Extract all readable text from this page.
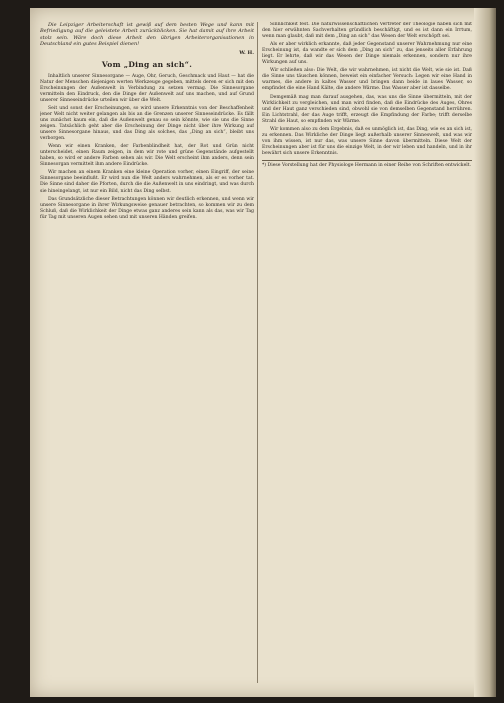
Die Leipziger Arbeiterschaft ist gewiß auf dem besten Wege und kann mit Befriedigung auf die geleistete Arbeit zurückblicken. Sie hat damit auf ihre Arbeit stolz sein. Wäre doch diese Arbeit den übrigen Arbeiterorganisationen in Deutschland ein gutes Beispiel dienen!

W. H.
Vom „Ding an sich“.

Inhaltlich unserer Sinnesorgane — Auge, Ohr, Geruch, Geschmack und Haut — hat die Natur der Menschen diejenigen werten Werkzeuge gegeben, mittels deren er sich mit den Erscheinungen der Außenwelt in Verbindung zu setzen vermag. Die Sinnesorgane vermitteln den Eindruck, den die Dinge der Außenwelt auf uns machen, und auf Grund unserer Sinneseindrücke urteilen wir über die Welt.

Seit und sonst der Erscheinungen, so wird unsere Erkenntnis von der Beschaffenheit jener Welt nicht weiter gelangen als bis an die Grenzen unserer Sinneseindrücke. Es fällt uns zunächst kaum ein, daß die Außenwelt genau so sein könnte, wie sie uns die Sinne zeigen. Tatsächlich geht aber die Erscheinung der Dinge nicht über ihre Wirkung auf unsere Sinnesorgane hinaus, und das Ding als solches, das „Ding an sich“, bleibt uns verborgen.

Wenn wir einen Kranken, der Farbenblindheit hat, der Rot und Grün nicht unterscheidet, einen Raum zeigen, in dem wir rote und grüne Gegenstände aufgestellt haben, so wird er andere Farben sehen als wir. Die Welt erscheint ihm anders, denn sein Sinnesorgan vermittelt ihm andere Eindrücke.

Wir machen an einem Kranken eine kleine Operation vorher, einen Eingriff, der seine Sinnesorgane beeinflußt. Er wird nun die Welt anders wahrnehmen, als er es vorher tat. Die Sinne sind daher die Pforten, durch die die Außenwelt in uns eindringt, und was durch sie hineingelangt, ist nur ein Bild, nicht das Ding selbst.

Das Grundsätzliche dieser Betrachtungen können wir deutlich erkennen, und wenn wir unsere Sinnesorgane in ihrer Wirkungsweise genauer betrachten, so kommen wir zu dem Schluß, daß die Wirklichkeit der Dinge etwas ganz anderes sein kann als das, was wir Tag für Tag mit unseren Augen sehen und mit unseren Händen greifen.

Sinnlichkeit fest. Die naturwissenschaftlichen Vertreter der Theologie haben sich mit den hier erwähnten Sachverhalten gründlich beschäftigt, und es ist dann ein Irrtum, wenn man glaubt, daß mit dem „Ding an sich“ das Wesen der Welt erschöpft sei.

Als er aber wirklich erkannte, daß jeder Gegenstand unserer Wahrnehmung nur eine Erscheinung ist, da wandte er sich dem „Ding an sich“ zu, das jenseits aller Erfahrung liegt. Er lehrte, daß wir das Wesen der Dinge niemals erkennen, sondern nur ihre Wirkungen auf uns.

Wir schließen also: Die Welt, die wir wahrnehmen, ist nicht die Welt, wie sie ist. Daß die Sinne uns täuschen können, beweist ein einfacher Versuch: Legen wir eine Hand in warmes, die andere in kaltes Wasser und bringen dann beide in laues Wasser, so empfindet die eine Hand Kälte, die andere Wärme. Das Wasser aber ist dasselbe.

Demgemäß mag man darauf ausgehen, das, was uns die Sinne übermitteln, mit der Wirklichkeit zu vergleichen, und man wird finden, daß die Eindrücke des Auges, Ohres und der Haut ganz verschieden sind, obwohl sie von demselben Gegenstand herrühren. Ein Lichtstrahl, der das Auge trifft, erzeugt die Empfindung der Farbe; trifft derselbe Strahl die Haut, so empfinden wir Wärme.

Wir kommen also zu dem Ergebnis, daß es unmöglich ist, das Ding, wie es an sich ist, zu erkennen. Das Wirkliche der Dinge liegt außerhalb unserer Sinneswelt, und was wir von ihm wissen, ist nur das, was unsere Sinne davon übermitteln. Diese Welt der Erscheinungen aber ist für uns die einzige Welt, in der wir leben und handeln, und in ihr bewährt sich unsere Erkenntnis.

*) Diese Vorstellung hat der Physiologe Hermann in einer Reihe von Schriften entwickelt.
